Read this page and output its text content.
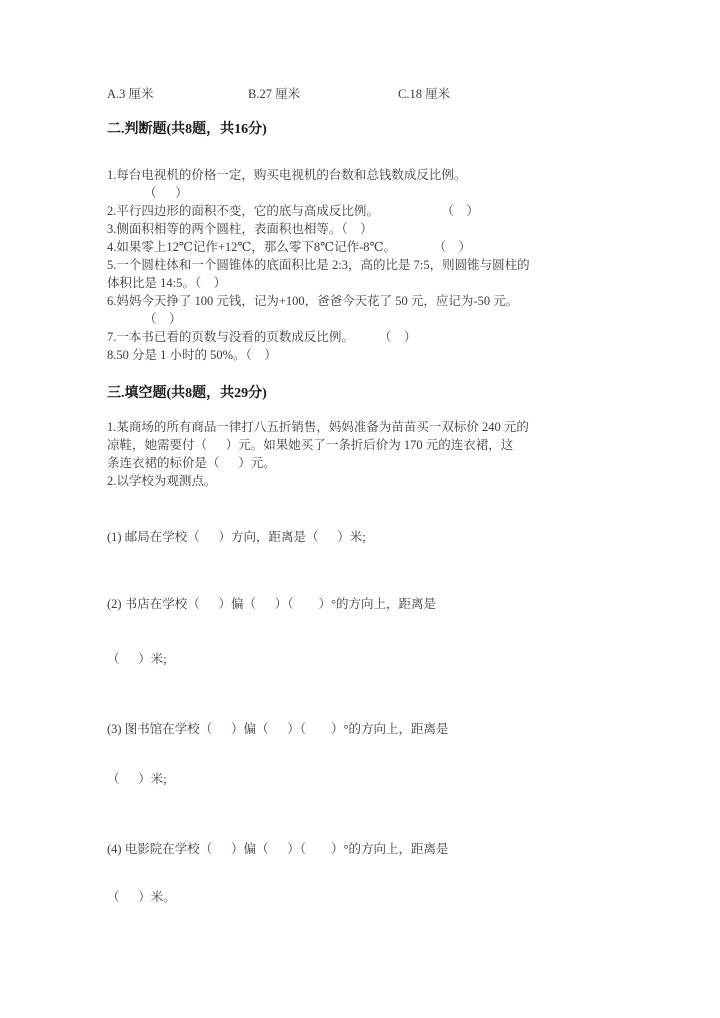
A.3 厘米	B.27 厘米	C.18 厘米
二.判断题(共8题，共16分)
1.每台电视机的价格一定，购买电视机的台数和总钱数成反比例。
（      ）
2.平行四边形的面积不变，它的底与高成反比例。　　　　　　（    ）
3.侧面积相等的两个圆柱，表面积也相等。（    ）
4.如果零上12℃记作+12℃，那么零下8℃记作-8℃。　　　　（    ）
5.一个圆柱体和一个圆锥体的底面积比是 2:3，高的比是 7:5，则圆锥与圆柱的
体积比是 14:5。（    ）
6.妈妈今天挣了 100 元钱，记为+100，爸爸今天花了 50 元，应记为-50 元。
（    ）
7.一本书已看的页数与没看的页数成反比例。　　　（    ）
8.50 分是 1 小时的 50%。（    ）
三.填空题(共8题，共29分)
1.某商场的所有商品一律打八五折销售，妈妈准备为苗苗买一双标价 240 元的
凉鞋，她需要付（      ）元。如果她买了一条折后价为 170 元的连衣裙，这
条连衣裙的标价是（      ）元。
2.以学校为观测点。
(1) 邮局在学校（      ）方向，距离是（      ）米;
(2) 书店在学校（      ）偏（      ）（        ）°的方向上，距离是
（      ）米;
(3) 图书馆在学校（      ）偏（      ）（        ）°的方向上，距离是
（      ）米;
(4) 电影院在学校（      ）偏（      ）（        ）°的方向上，距离是
（      ）米。
